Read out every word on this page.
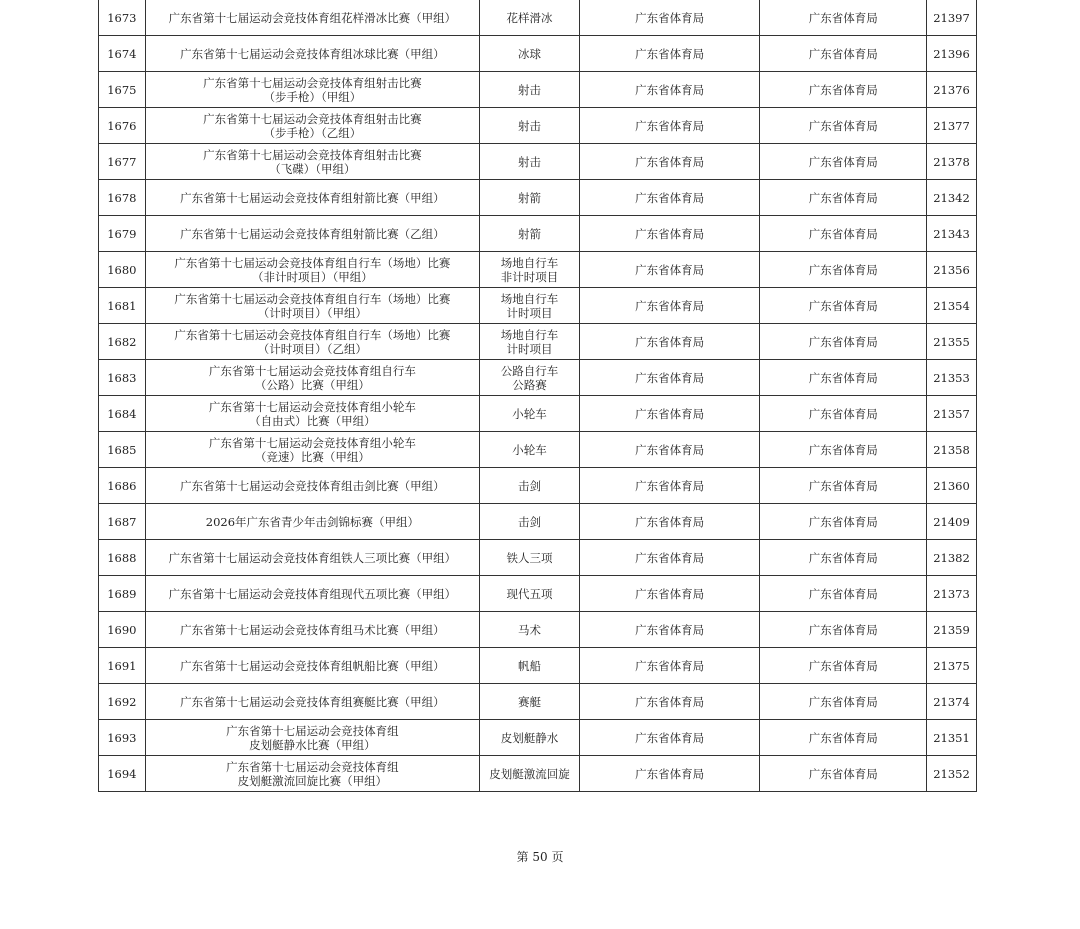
1673	广东省第十七届运动会竞技体育组花样滑冰比赛（甲组）	花样滑冰	广东省体育局	广东省体育局	21397

1674	广东省第十七届运动会竞技体育组冰球比赛（甲组）	冰球	广东省体育局	广东省体育局	21396

1675	广东省第十七届运动会竞技体育组射击比赛
（步手枪）（甲组）	射击	广东省体育局	广东省体育局	21376

1676	广东省第十七届运动会竞技体育组射击比赛
（步手枪）（乙组）	射击	广东省体育局	广东省体育局	21377

1677	广东省第十七届运动会竞技体育组射击比赛
（飞碟）（甲组）	射击	广东省体育局	广东省体育局	21378

1678	广东省第十七届运动会竞技体育组射箭比赛（甲组）	射箭	广东省体育局	广东省体育局	21342

1679	广东省第十七届运动会竞技体育组射箭比赛（乙组）	射箭	广东省体育局	广东省体育局	21343

1680	广东省第十七届运动会竞技体育组自行车（场地）比赛
（非计时项目）（甲组）	场地自行车
非计时项目	广东省体育局	广东省体育局	21356

1681	广东省第十七届运动会竞技体育组自行车（场地）比赛
（计时项目）（甲组）	场地自行车
计时项目	广东省体育局	广东省体育局	21354

1682	广东省第十七届运动会竞技体育组自行车（场地）比赛
（计时项目）（乙组）	场地自行车
计时项目	广东省体育局	广东省体育局	21355

1683	广东省第十七届运动会竞技体育组自行车
（公路）比赛（甲组）	公路自行车
公路赛	广东省体育局	广东省体育局	21353

1684	广东省第十七届运动会竞技体育组小轮车
（自由式）比赛（甲组）	小轮车	广东省体育局	广东省体育局	21357

1685	广东省第十七届运动会竞技体育组小轮车
（竞速）比赛（甲组）	小轮车	广东省体育局	广东省体育局	21358

1686	广东省第十七届运动会竞技体育组击剑比赛（甲组）	击剑	广东省体育局	广东省体育局	21360

1687	2026年广东省青少年击剑锦标赛（甲组）	击剑	广东省体育局	广东省体育局	21409

1688	广东省第十七届运动会竞技体育组铁人三项比赛（甲组）	铁人三项	广东省体育局	广东省体育局	21382

1689	广东省第十七届运动会竞技体育组现代五项比赛（甲组）	现代五项	广东省体育局	广东省体育局	21373

1690	广东省第十七届运动会竞技体育组马术比赛（甲组）	马术	广东省体育局	广东省体育局	21359

1691	广东省第十七届运动会竞技体育组帆船比赛（甲组）	帆船	广东省体育局	广东省体育局	21375

1692	广东省第十七届运动会竞技体育组赛艇比赛（甲组）	赛艇	广东省体育局	广东省体育局	21374

1693	广东省第十七届运动会竞技体育组
皮划艇静水比赛（甲组）	皮划艇静水	广东省体育局	广东省体育局	21351

1694	广东省第十七届运动会竞技体育组
皮划艇激流回旋比赛（甲组）	皮划艇激流回旋	广东省体育局	广东省体育局	21352
第 50 页
